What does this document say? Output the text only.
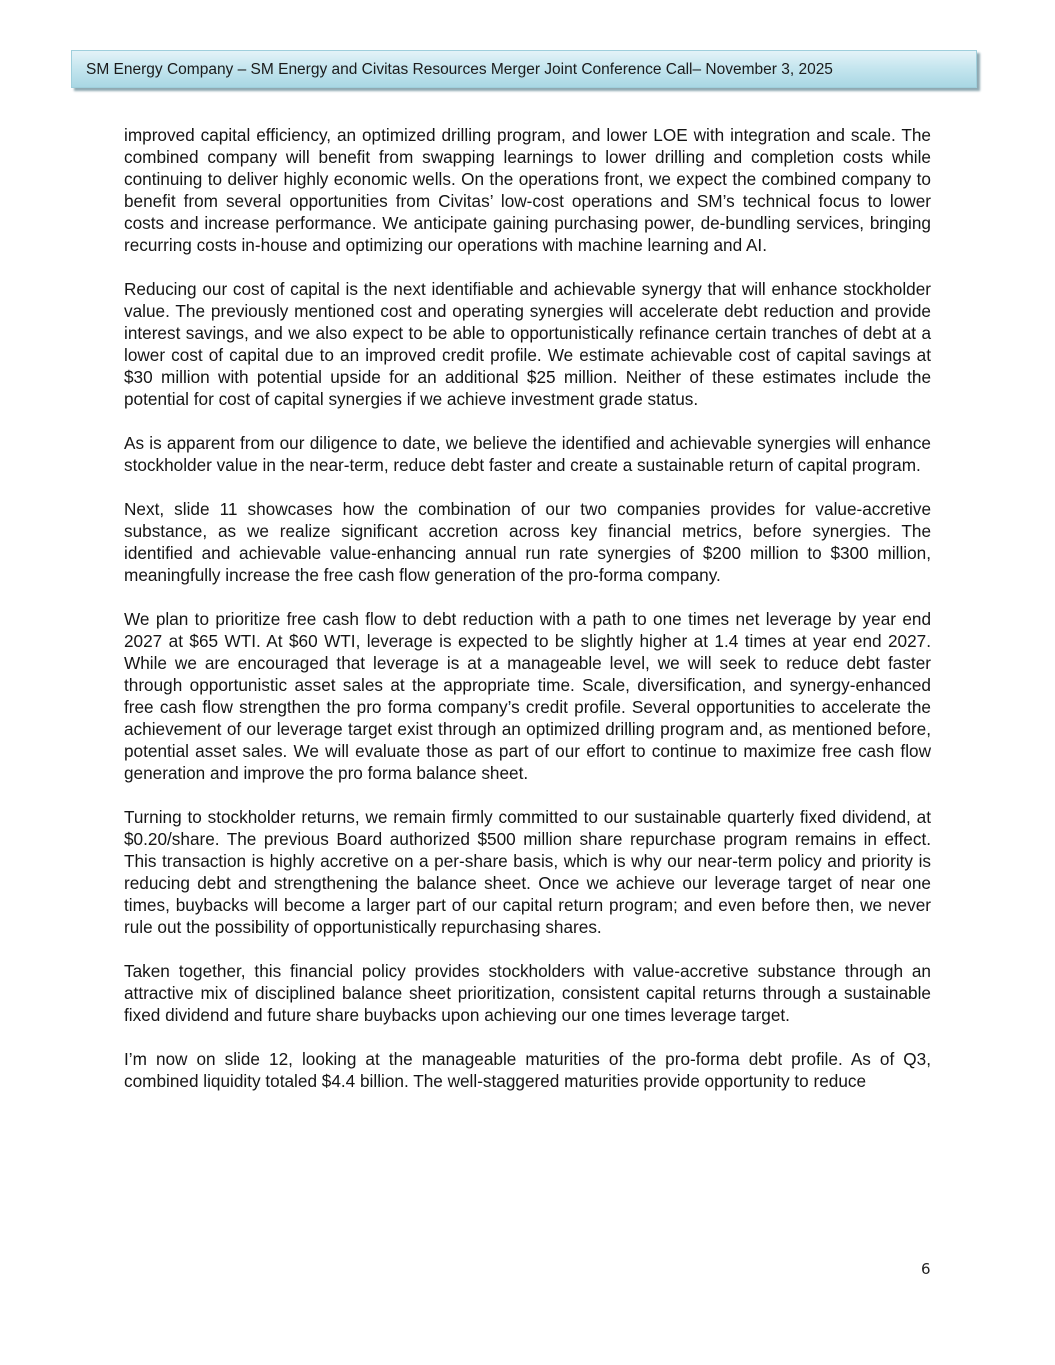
SM Energy Company – SM Energy and Civitas Resources Merger Joint Conference Call– November 3, 2025

improved capital efficiency, an optimized drilling program, and lower LOE with integration and scale. The combined company will benefit from swapping learnings to lower drilling and completion costs while continuing to deliver highly economic wells. On the operations front, we expect the combined company to benefit from several opportunities from Civitas’ low-cost operations and SM’s technical focus to lower costs and increase performance. We anticipate gaining purchasing power, de-bundling services, bringing recurring costs in-house and optimizing our operations with machine learning and AI.

Reducing our cost of capital is the next identifiable and achievable synergy that will enhance stockholder value. The previously mentioned cost and operating synergies will accelerate debt reduction and provide interest savings, and we also expect to be able to opportunistically refinance certain tranches of debt at a lower cost of capital due to an improved credit profile. We estimate achievable cost of capital savings at $30 million with potential upside for an additional $25 million. Neither of these estimates include the potential for cost of capital synergies if we achieve investment grade status.

As is apparent from our diligence to date, we believe the identified and achievable synergies will enhance stockholder value in the near-term, reduce debt faster and create a sustainable return of capital program.

Next, slide 11 showcases how the combination of our two companies provides for value-accretive substance, as we realize significant accretion across key financial metrics, before synergies. The identified and achievable value-enhancing annual run rate synergies of $200 million to $300 million, meaningfully increase the free cash flow generation of the pro-forma company.

We plan to prioritize free cash flow to debt reduction with a path to one times net leverage by year end 2027 at $65 WTI. At $60 WTI, leverage is expected to be slightly higher at 1.4 times at year end 2027. While we are encouraged that leverage is at a manageable level, we will seek to reduce debt faster through opportunistic asset sales at the appropriate time. Scale, diversification, and synergy-enhanced free cash flow strengthen the pro forma company’s credit profile. Several opportunities to accelerate the achievement of our leverage target exist through an optimized drilling program and, as mentioned before, potential asset sales. We will evaluate those as part of our effort to continue to maximize free cash flow generation and improve the pro forma balance sheet.

Turning to stockholder returns, we remain firmly committed to our sustainable quarterly fixed dividend, at $0.20/share. The previous Board authorized $500 million share repurchase program remains in effect. This transaction is highly accretive on a per-share basis, which is why our near-term policy and priority is reducing debt and strengthening the balance sheet. Once we achieve our leverage target of near one times, buybacks will become a larger part of our capital return program; and even before then, we never rule out the possibility of opportunistically repurchasing shares.

Taken together, this financial policy provides stockholders with value-accretive substance through an attractive mix of disciplined balance sheet prioritization, consistent capital returns through a sustainable fixed dividend and future share buybacks upon achieving our one times leverage target.

I’m now on slide 12, looking at the manageable maturities of the pro-forma debt profile. As of Q3, combined liquidity totaled $4.4 billion. The well-staggered maturities provide opportunity to reduce

6
